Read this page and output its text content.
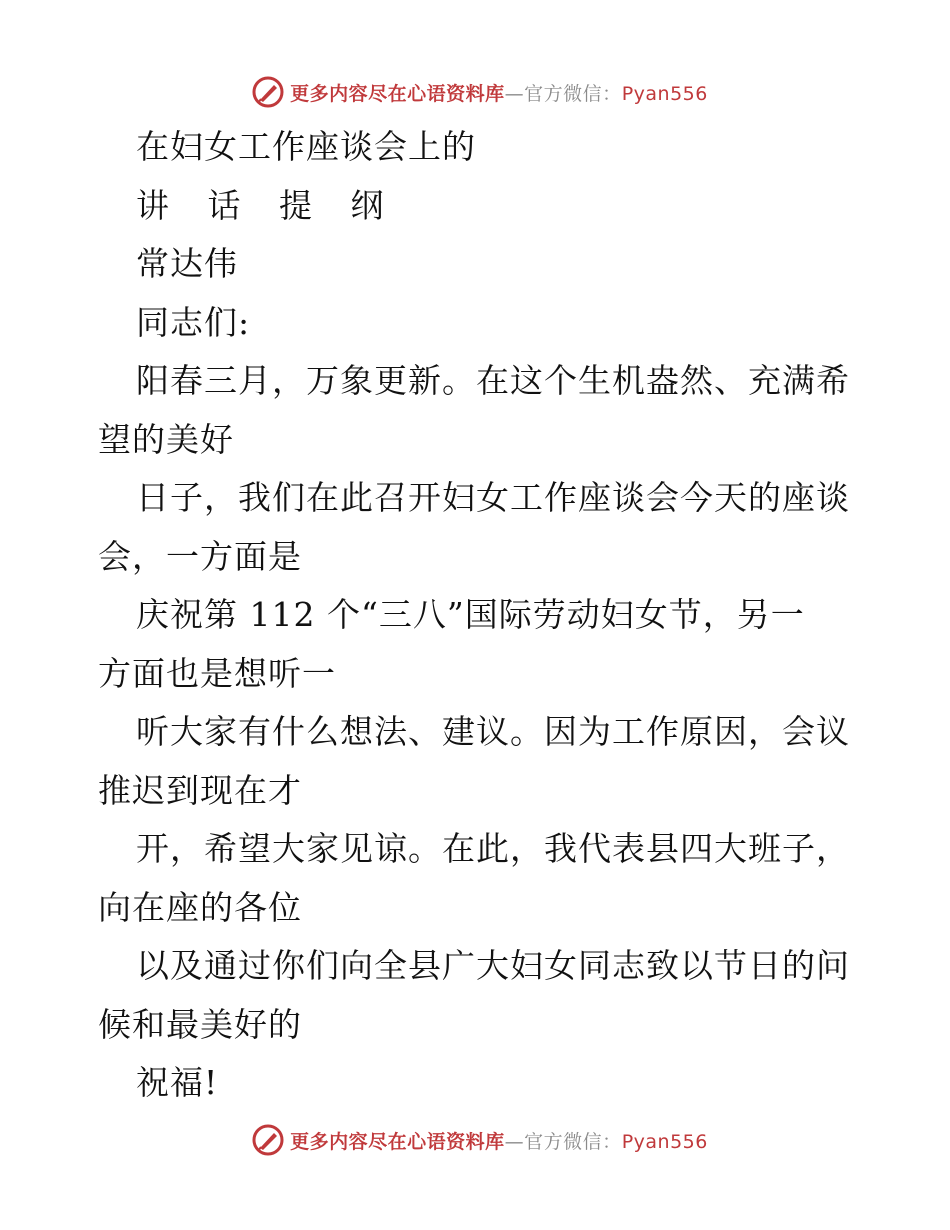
更多内容尽在心语资料库—官方微信：Pyan556
在妇女工作座谈会上的
讲 话 提 纲
常达伟
同志们:
阳春三月，万象更新。在这个生机盎然、充满希
望的美好
日子，我们在此召开妇女工作座谈会今天的座谈
会，一方面是
庆祝第 112 个“三八”国际劳动妇女节，另一
方面也是想听一
听大家有什么想法、建议。因为工作原因，会议
推迟到现在才
开，希望大家见谅。在此，我代表县四大班子，
向在座的各位
以及通过你们向全县广大妇女同志致以节日的问
候和最美好的
祝福!
更多内容尽在心语资料库—官方微信：Pyan556
